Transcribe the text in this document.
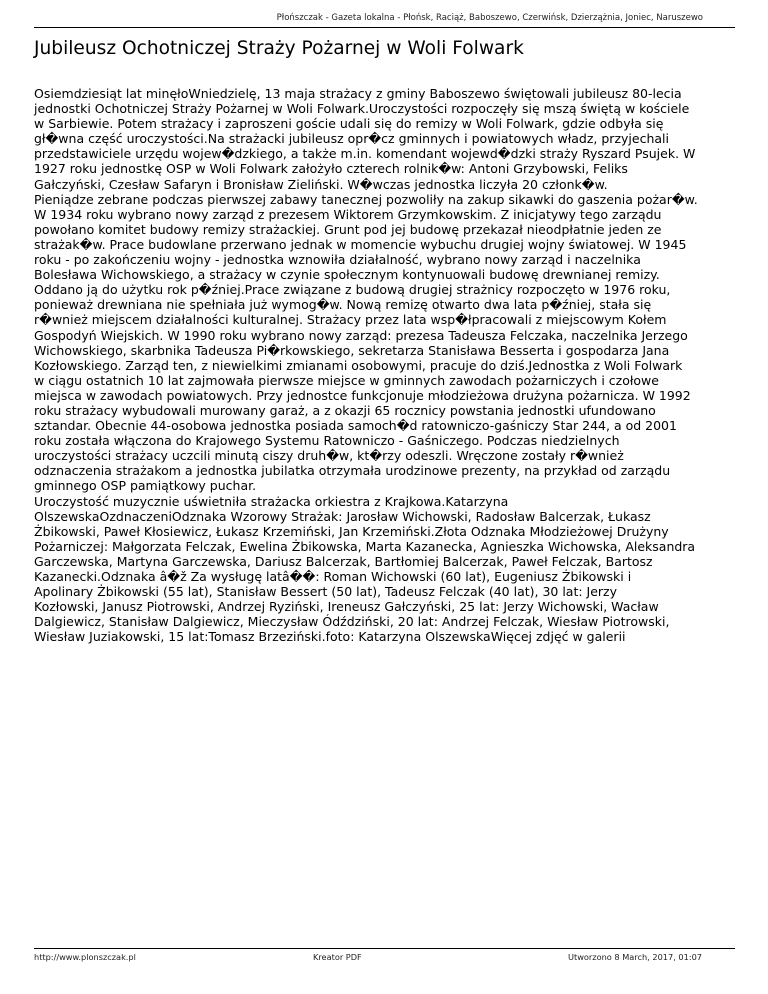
Płońszczak - Gazeta lokalna - Płońsk, Raciąż, Baboszewo, Czerwińsk, Dzierzążnia, Joniec, Naruszewo
Jubileusz Ochotniczej Straży Pożarnej w Woli Folwark
Osiemdziesiąt lat minęłoWniedzielę, 13 maja strażacy z gminy Baboszewo świętowali jubileusz 80-lecia
jednostki Ochotniczej Straży Pożarnej w Woli Folwark.Uroczystości rozpoczęły się mszą świętą w kościele
w Sarbiewie. Potem strażacy i zaproszeni goście udali się do remizy w Woli Folwark, gdzie odbyła się
gł�wna część uroczystości.Na strażacki jubileusz opr�cz gminnych i powiatowych władz, przyjechali
przedstawiciele urzędu wojew�dzkiego, a także m.in. komendant wojewd�dzki straży Ryszard Psujek. W
1927 roku jednostkę OSP w Woli Folwark założyło czterech rolnik�w: Antoni Grzybowski, Feliks
Gałczyński, Czesław Safaryn i Bronisław Zieliński. W�wczas jednostka liczyła 20 członk�w.
Pieniądze zebrane podczas pierwszej zabawy tanecznej pozwoliły na zakup sikawki do gaszenia pożar�w.
W 1934 roku wybrano nowy zarząd z prezesem Wiktorem Grzymkowskim. Z inicjatywy tego zarządu
powołano komitet budowy remizy strażackiej. Grunt pod jej budowę przekazał nieodpłatnie jeden ze
strażak�w. Prace budowlane przerwano jednak w momencie wybuchu drugiej wojny światowej. W 1945
roku - po zakończeniu wojny - jednostka wznowiła działalność, wybrano nowy zarząd i naczelnika
Bolesława Wichowskiego, a strażacy w czynie społecznym kontynuowali budowę drewnianej remizy.
Oddano ją do użytku rok p�źniej.Prace związane z budową drugiej strażnicy rozpoczęto w 1976 roku,
ponieważ drewniana nie spełniała już wymog�w. Nową remizę otwarto dwa lata p�źniej, stała się
r�wnież miejscem działalności kulturalnej. Strażacy przez lata wsp�łpracowali z miejscowym Kołem
Gospodyń Wiejskich. W 1990 roku wybrano nowy zarząd: prezesa Tadeusza Felczaka, naczelnika Jerzego
Wichowskiego, skarbnika Tadeusza Pi�rkowskiego, sekretarza Stanisława Besserta i gospodarza Jana
Kozłowskiego. Zarząd ten, z niewielkimi zmianami osobowymi, pracuje do dziś.Jednostka z Woli Folwark
w ciągu ostatnich 10 lat zajmowała pierwsze miejsce w gminnych zawodach pożarniczych i czołowe
miejsca w zawodach powiatowych. Przy jednostce funkcjonuje młodzieżowa drużyna pożarnicza. W 1992
roku strażacy wybudowali murowany garaż, a z okazji 65 rocznicy powstania jednostki ufundowano
sztandar. Obecnie 44-osobowa jednostka posiada samoch�d ratowniczo-gaśniczy Star 244, a od 2001
roku została włączona do Krajowego Systemu Ratowniczo - Gaśniczego. Podczas niedzielnych
uroczystości strażacy uczcili minutą ciszy druh�w, kt�rzy odeszli. Wręczone zostały r�wnież
odznaczenia strażakom a jednostka jubilatka otrzymała urodzinowe prezenty, na przykład od zarządu
gminnego OSP pamiątkowy puchar.
Uroczystość muzycznie uświetniła strażacka orkiestra z Krajkowa.Katarzyna
OlszewskaOzdnaczeniOdznaka Wzorowy Strażak: Jarosław Wichowski, Radosław Balcerzak, Łukasz
Żbikowski, Paweł Kłosiewicz, Łukasz Krzemiński, Jan Krzemiński.Złota Odznaka Młodzieżowej Drużyny
Pożarniczej: Małgorzata Felczak, Ewelina Żbikowska, Marta Kazanecka, Agnieszka Wichowska, Aleksandra
Garczewska, Martyna Garczewska, Dariusz Balcerzak, Bartłomiej Balcerzak, Paweł Felczak, Bartosz
Kazanecki.Odznaka â�ž Za wysługę latâ��: Roman Wichowski (60 lat), Eugeniusz Żbikowski i
Apolinary Żbikowski (55 lat), Stanisław Bessert (50 lat), Tadeusz Felczak (40 lat), 30 lat: Jerzy
Kozłowski, Janusz Piotrowski, Andrzej Ryziński, Ireneusz Gałczyński, 25 lat: Jerzy Wichowski, Wacław
Dalgiewicz, Stanisław Dalgiewicz, Mieczysław Ódździński, 20 lat: Andrzej Felczak, Wiesław Piotrowski,
Wiesław Juziakowski, 15 lat:Tomasz Brzeziński.foto: Katarzyna OlszewskaWięcej zdjęć w galerii
http://www.plonszczak.pl	Kreator PDF	Utworzono 8 March, 2017, 01:07
